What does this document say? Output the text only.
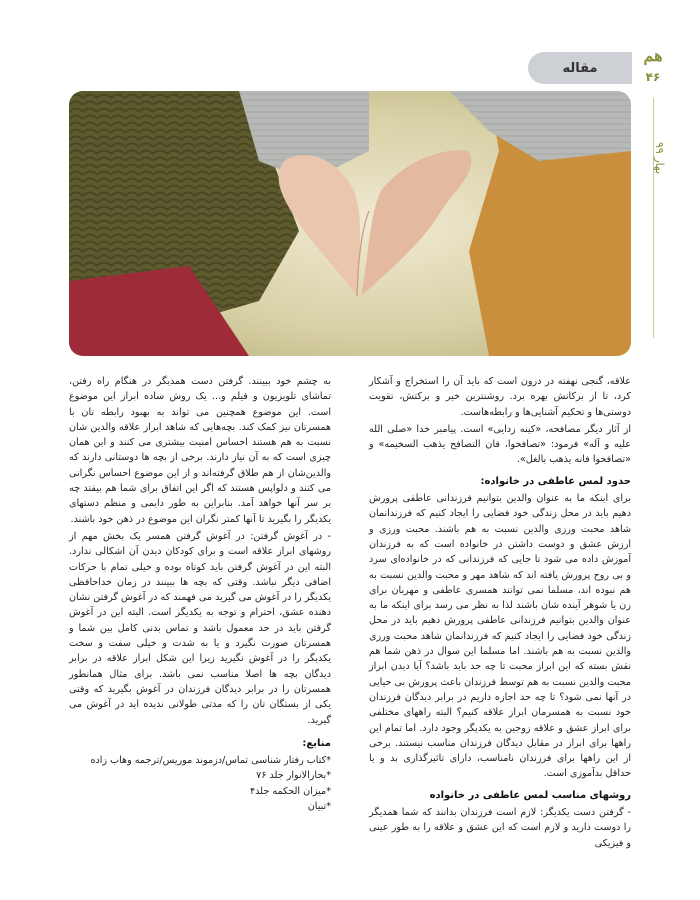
مقاله
هم
۴۶
بهار ۹۹

علاقه، گنجی نهفته در درون است که باید آن را استخراج و آشکار کرد، تا از برکاتش بهره برد. روشنترین خیر و برکتش، تقویت دوستی‌ها و تحکیم آشنایی‌ها و رابطه‌هاست.

از آثار دیگر مصافحه، «کینه زدایی» است. پیامبر خدا «صلی الله علیه و آله» فرمود: «تصافحوا، فان التصافح یذهب السخیمه» و «تصافحوا فانه یذهب بالغل».

حدود لمس عاطفی در خانواده:

برای اینکه ما به عنوان والدین بتوانیم فرزندانی عاطفی پرورش دهیم باید در محل زندگی خود فضایی را ایجاد کنیم که فرزندانمان شاهد محبت ورزی والدین نسبت به هم باشند. محبت ورزی و ارزش عشق و دوست داشتن در خانواده است که به فرزندان آموزش داده می شود تا جایی که فرزندانی که در خانواده‌ای سرد و بی روح پرورش یافته اند که شاهد مهر و محبت والدین نسبت به هم نبوده اند، مسلما نمی توانند همسری عاطفی و مهربان برای زن یا شوهر آینده شان باشند لذا به نظر می رسد برای اینکه ما به عنوان والدین بتوانیم فرزندانی عاطفی پرورش دهیم باید در محل زندگی خود فضایی را ایجاد کنیم که فرزندانمان شاهد محبت ورزی والدین نسبت به هم باشند. اما مسلما این سوال در ذهن شما هم نقش بسته که این ابراز محبت تا چه حد باید باشد؟ آیا دیدن ابراز محبت والدین نسبت به هم توسط فرزندان باعث پرورش بی حیایی در آنها نمی شود؟ تا چه حد اجازه داریم در برابر دیدگان فرزندان خود نسبت به همسرمان ابراز علاقه کنیم؟ البته راههای مختلفی برای ابراز عشق و علاقه زوجین به یکدیگر وجود دارد. اما تمام این راهها برای ابراز در مقابل دیدگان فرزندان مناسب نیستند. برخی از این راهها برای فرزندان نامناسب، دارای تاثیرگذاری بد و یا حداقل بدآموزی است.

روشهای مناسب لمس عاطفی در خانواده

- گرفتن دست یکدیگر: لازم است فرزندان بدانند که شما همدیگر را دوست دارید و لازم است که این عشق و علاقه را به طور عینی و فیزیکی

به چشم خود ببینند. گرفتن دست همدیگر در هنگام راه رفتن، تماشای تلویزیون و فیلم و... یک روش ساده ابراز این موضوع است. این موضوع همچنین می تواند به بهبود رابطه تان با همسرتان نیز کمک کند. بچه‌هایی که شاهد ابراز علاقه والدین شان نسبت به هم هستند احساس امنیت بیشتری می کنند و این همان چیزی است که به آن نیاز دارند. برخی از بچه ها دوستانی دارند که والدین‌شان از هم طلاق گرفته‌اند و از این موضوع احساس نگرانی می کنند و دلواپس هستند که اگر این اتفاق برای شما هم بیفتد چه بر سر آنها خواهد آمد. بنابراین به طور دایمی و منظم دستهای یکدیگر را بگیرید تا آنها کمتر نگران این موضوع در ذهن خود باشند.

- در آغوش گرفتن: در آغوش گرفتن همسر یک بخش مهم از روشهای ابراز علاقه است و برای کودکان دیدن آن اشکالی ندارد. البته این در آغوش گرفتن باید کوتاه بوده و خیلی تمام با حرکات اضافی دیگر نباشد. وقتی که بچه ها ببینند در زمان خداحافظی یکدیگر را در آغوش می گیرید می فهمند که در آغوش گرفتن نشان دهنده عشق، احترام و توجه به یکدیگر است. البته این در آغوش گرفتن باید در حد معمول باشد و تماس بدنی کامل بین شما و همسرتان صورت نگیرد و یا به شدت و خیلی سفت و سخت یکدیگر را در آغوش نگیرید زیرا این شکل ابراز علاقه در برابر دیدگان بچه ها اصلا مناسب نمی باشد. برای مثال همانطور همسرتان را در برابر دیدگان فرزندان در آغوش بگیرید که وقتی یکی از بستگان تان را که مدتی طولانی ندیده اید در آغوش می گیرید.

منابع:
*کتاب رفتار شناسی تماس/دزموند موریس/ترجمه وهاب زاده
*بحارالانوار جلد ۷۶
*میزان الحکمه جلد۴
*تبیان
